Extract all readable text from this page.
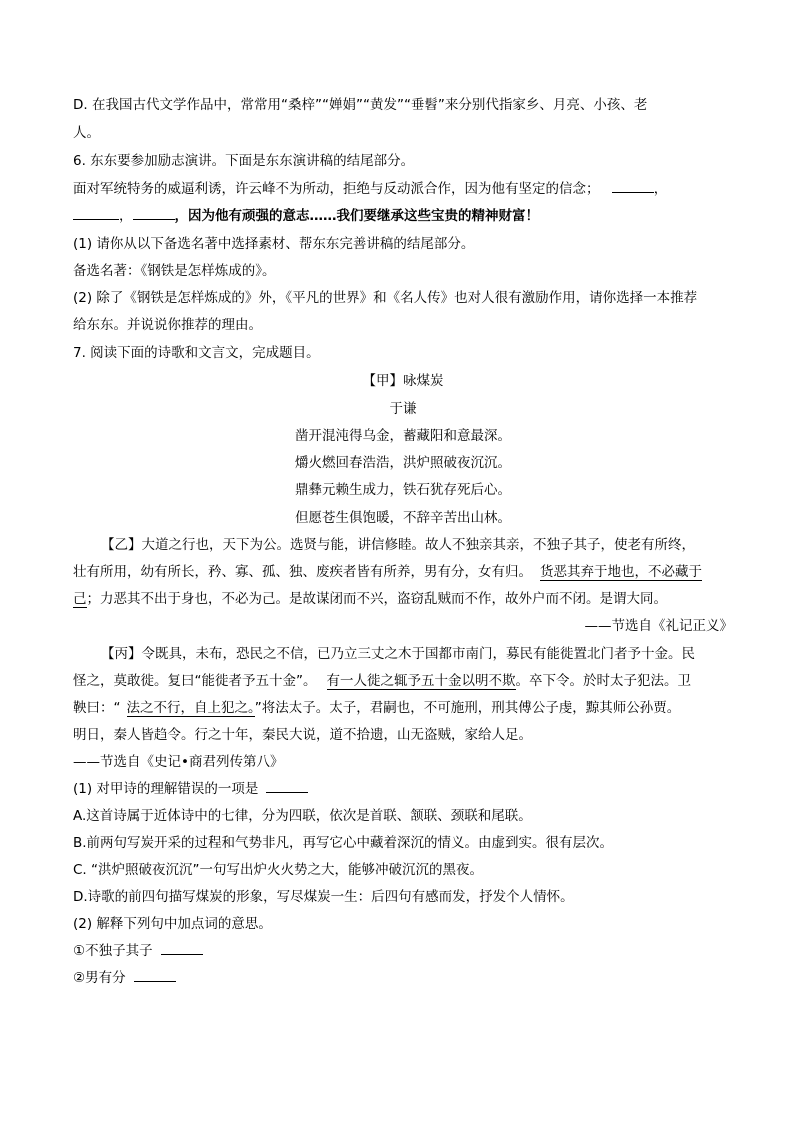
D. 在我国古代文学作品中，常常用“桑梓”“婵娟”“黄发”“垂髫”来分别代指家乡、月亮、小孩、老
人。
6. 东东要参加励志演讲。下面是东东演讲稿的结尾部分。
面对军统特务的威逼利诱，许云峰不为所动，拒绝与反动派合作，因为他有坚定的信念；	，
，	，因为他有顽强的意志……我们要继承这些宝贵的精神财富！
(1) 请你从以下备选名著中选择素材、帮东东完善讲稿的结尾部分。
备选名著：《钢铁是怎样炼成的》。
(2) 除了《钢铁是怎样炼成的》外，《平凡的世界》和《名人传》也对人很有激励作用，请你选择一本推荐
给东东。并说说你推荐的理由。
7. 阅读下面的诗歌和文言文，完成题目。
【甲】咏煤炭
于谦
凿开混沌得乌金，蓄藏阳和意最深。
爝火燃回春浩浩，洪炉照破夜沉沉。
鼎彝元赖生成力，铁石犹存死后心。
但愿苍生俱饱暖，不辞辛苦出山林。
【乙】大道之行也，天下为公。选贤与能，讲信修睦。故人不独亲其亲，不独子其子，使老有所终，
壮有所用，幼有所长，矜、寡、孤、独、废疾者皆有所养，男有分，女有归。 货恶其弃于地也，不必藏于
己；力恶其不出于身也，不必为己。是故谋闭而不兴，盗窃乱贼而不作，故外户而不闭。是谓大同。
——节选自《礼记正义》
【丙】令既具，未布，恐民之不信，已乃立三丈之木于国都市南门，募民有能徙置北门者予十金。民
怪之，莫敢徙。复曰“能徙者予五十金”。 有一人徙之辄予五十金以明不欺。卒下令。於时太子犯法。卫
鞅曰：“ 法之不行，自上犯之。”将法太子。太子，君嗣也，不可施刑，刑其傅公子虔，黥其师公孙贾。
明日，秦人皆趋令。行之十年，秦民大说，道不拾遗，山无盗贼，家给人足。
——节选自《史记•商君列传第八》
(1) 对甲诗的理解错误的一项是
A.这首诗属于近体诗中的七律，分为四联，依次是首联、颔联、颈联和尾联。
B.前两句写炭开采的过程和气势非凡，再写它心中藏着深沉的情义。由虚到实。很有层次。
C. “洪炉照破夜沉沉”一句写出炉火火势之大，能够冲破沉沉的黑夜。
D.诗歌的前四句描写煤炭的形象，写尽煤炭一生：后四句有感而发，抒发个人情怀。
(2) 解释下列句中加点词的意思。
①不独子其子
②男有分
